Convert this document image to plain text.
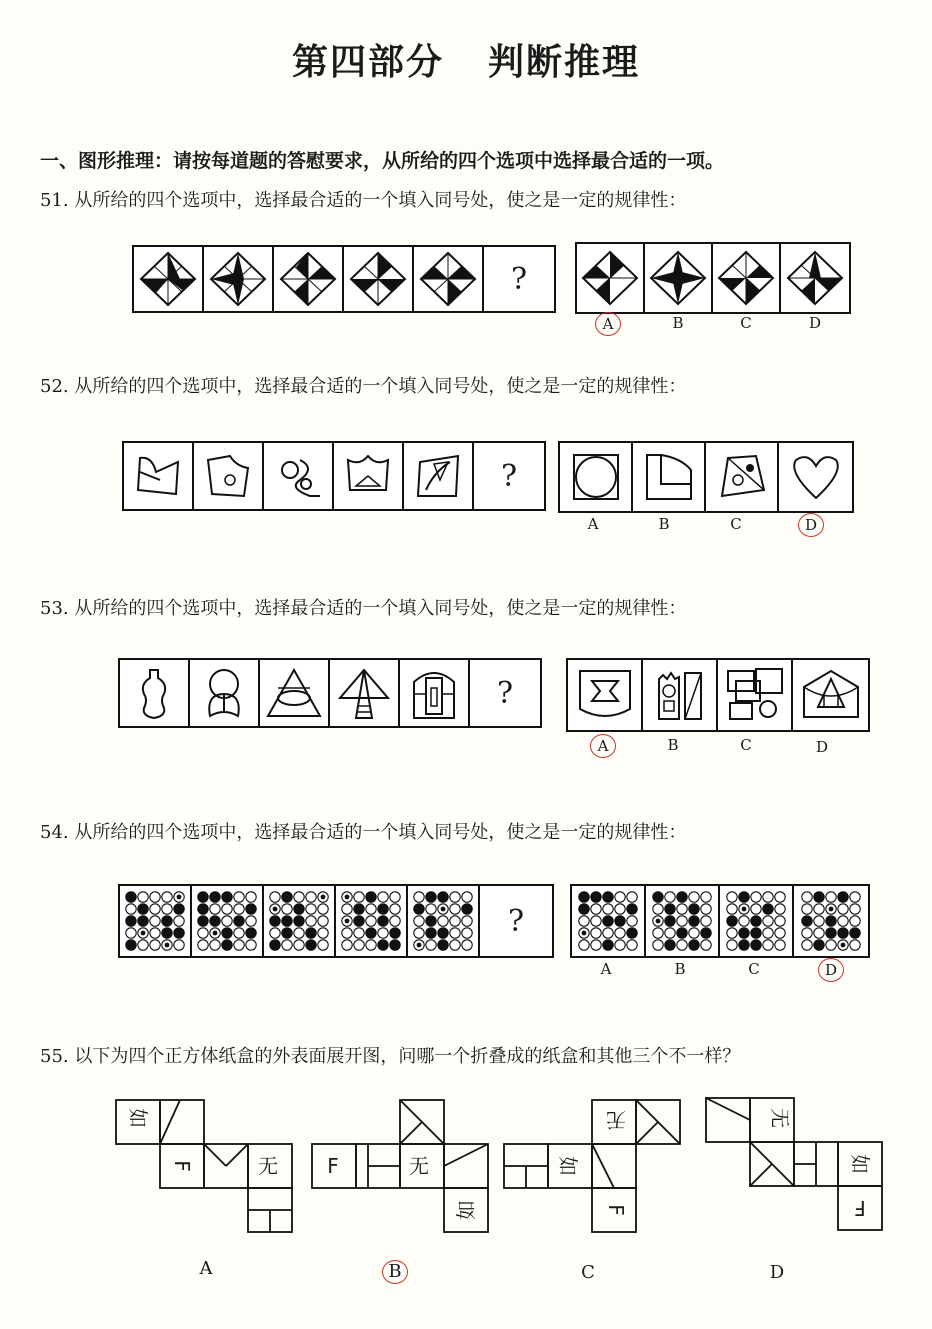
第四部分 判断推理
一、图形推理：请按每道题的答慰要求，从所给的四个选项中选择最合适的一项。
51. 从所给的四个选项中，选择最合适的一个填入同号处，使之是一定的规律性：
?
A	B	C	D
52. 从所给的四个选项中，选择最合适的一个填入同号处，使之是一定的规律性：
?
A	B	C	D
53. 从所给的四个选项中，选择最合适的一个填入同号处，使之是一定的规律性：
?
A	B	C	D
54. 从所给的四个选项中，选择最合适的一个填入同号处，使之是一定的规律性：
?
A	B	C	D
55. 以下为四个正方体纸盒的外表面展开图，问哪一个折叠成的纸盒和其他三个不一样？
如
F	无	F	无
如
如
无
F
无
如
F
A	B	C	D
